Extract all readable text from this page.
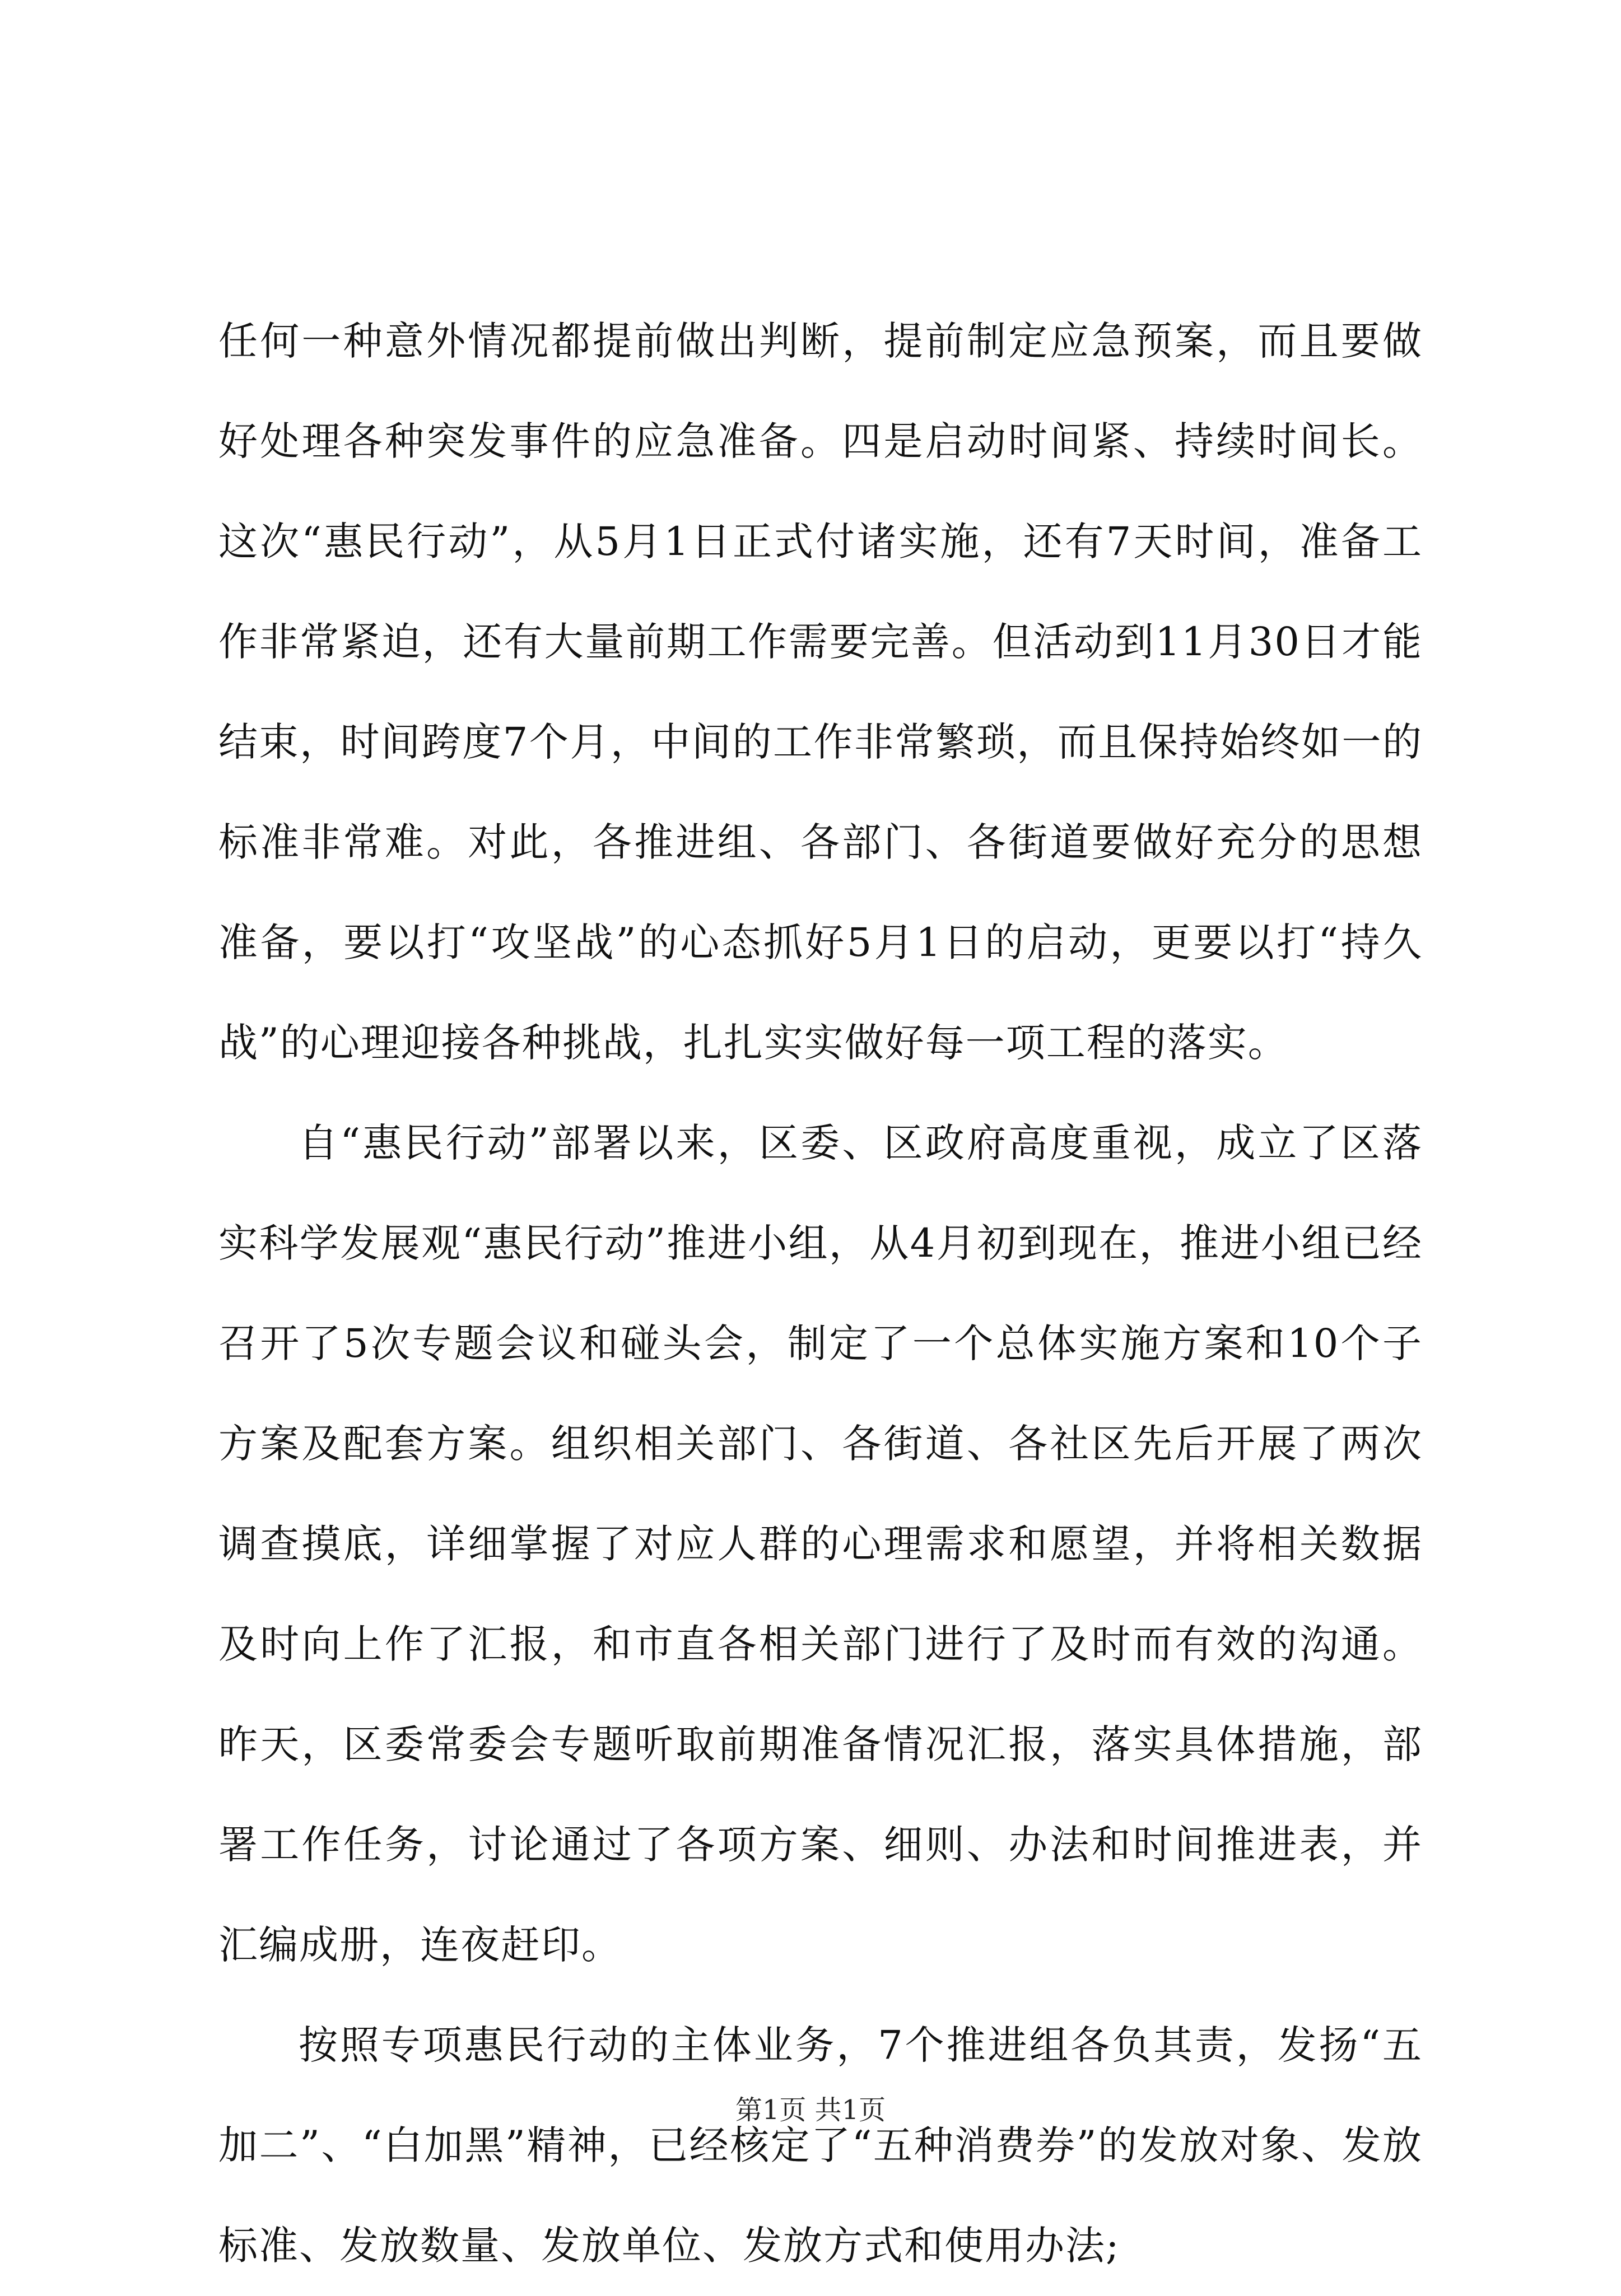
任何一种意外情况都提前做出判断，提前制定应急预案，而且要做好处理各种突发事件的应急准备。四是启动时间紧、持续时间长。这次“惠民行动”，从5月1日正式付诸实施，还有7天时间，准备工作非常紧迫，还有大量前期工作需要完善。但活动到11月30日才能结束，时间跨度7个月，中间的工作非常繁琐，而且保持始终如一的标准非常难。对此，各推进组、各部门、各街道要做好充分的思想准备，要以打“攻坚战”的心态抓好5月1日的启动，更要以打“持久战”的心理迎接各种挑战，扎扎实实做好每一项工程的落实。

自“惠民行动”部署以来，区委、区政府高度重视，成立了区落实科学发展观“惠民行动”推进小组，从4月初到现在，推进小组已经召开了5次专题会议和碰头会，制定了一个总体实施方案和10个子方案及配套方案。组织相关部门、各街道、各社区先后开展了两次调查摸底，详细掌握了对应人群的心理需求和愿望，并将相关数据及时向上作了汇报，和市直各相关部门进行了及时而有效的沟通。昨天，区委常委会专题听取前期准备情况汇报，落实具体措施，部署工作任务，讨论通过了各项方案、细则、办法和时间推进表，并汇编成册，连夜赶印。

按照专项惠民行动的主体业务，7个推进组各负其责，发扬“五加二”、“白加黑”精神，已经核定了“五种消费券”的发放对象、发放标准、发放数量、发放单位、发放方式和使用办法;

第1页 共1页
